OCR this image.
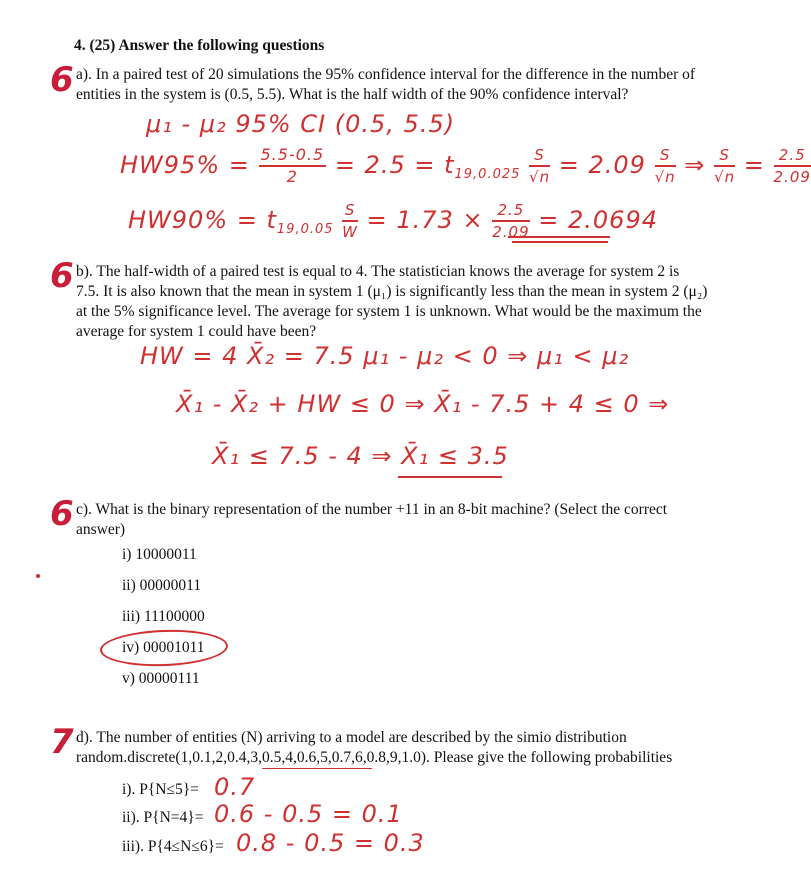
4. (25) Answer the following questions
6 a). In a paired test of 20 simulations the 95% confidence interval for the difference in the number of
entities in the system is (0.5, 5.5). What is the half width of the 90% confidence interval?
μ₁ - μ₂ 95% CI (0.5, 5.5)
$HW95\% = \frac{5.5-0.5}{2} = 2.5 = t_{19,0.025} \frac{S}{√n} = 2.09 \frac{S}{√n}$ ⇒ $\frac{S}{√n} = \frac{2.5}{2.09}$
$HW90\% = t_{19,0.05} \frac{S}{W} = 1.73 \times \frac{2.5}{2.09} = 2.0694$
6 b). The half-width of a paired test is equal to 4. The statistician knows the average for system 2 is
7.5. It is also known that the mean in system 1 (μ₁) is significantly less than the mean in system 2 (μ₂)
at the 5% significance level. The average for system 1 is unknown. What would be the maximum the
average for system 1 could have been?
HW = 4 X̄₂ = 7.5 μ₁ - μ₂ < 0 ⇒ μ₁ < μ₂
X̄₁ - X̄₂ + HW ≤ 0 ⇒ X̄₁ - 7.5 + 4 ≤ 0 ⇒
X̄₁ ≤ 7.5 - 4 ⇒ X̄₁ ≤ 3.5
6 c). What is the binary representation of the number +11 in an 8-bit machine? (Select the correct
answer)
i) 10000011
ii) 00000011
iii) 11100000
iv) 00001011
v) 00000111
7 d). The number of entities (N) arriving to a model are described by the simio distribution
random.discrete(1,0.1,2,0.4,3,0.5,4,0.6,5,0.7,6,0.8,9,1.0). Please give the following probabilities
i). P{N≤5}= 0.7
ii). P{N=4}= 0.6 - 0.5 = 0.1
iii). P{4≤N≤6}= 0.8 - 0.5 = 0.3
